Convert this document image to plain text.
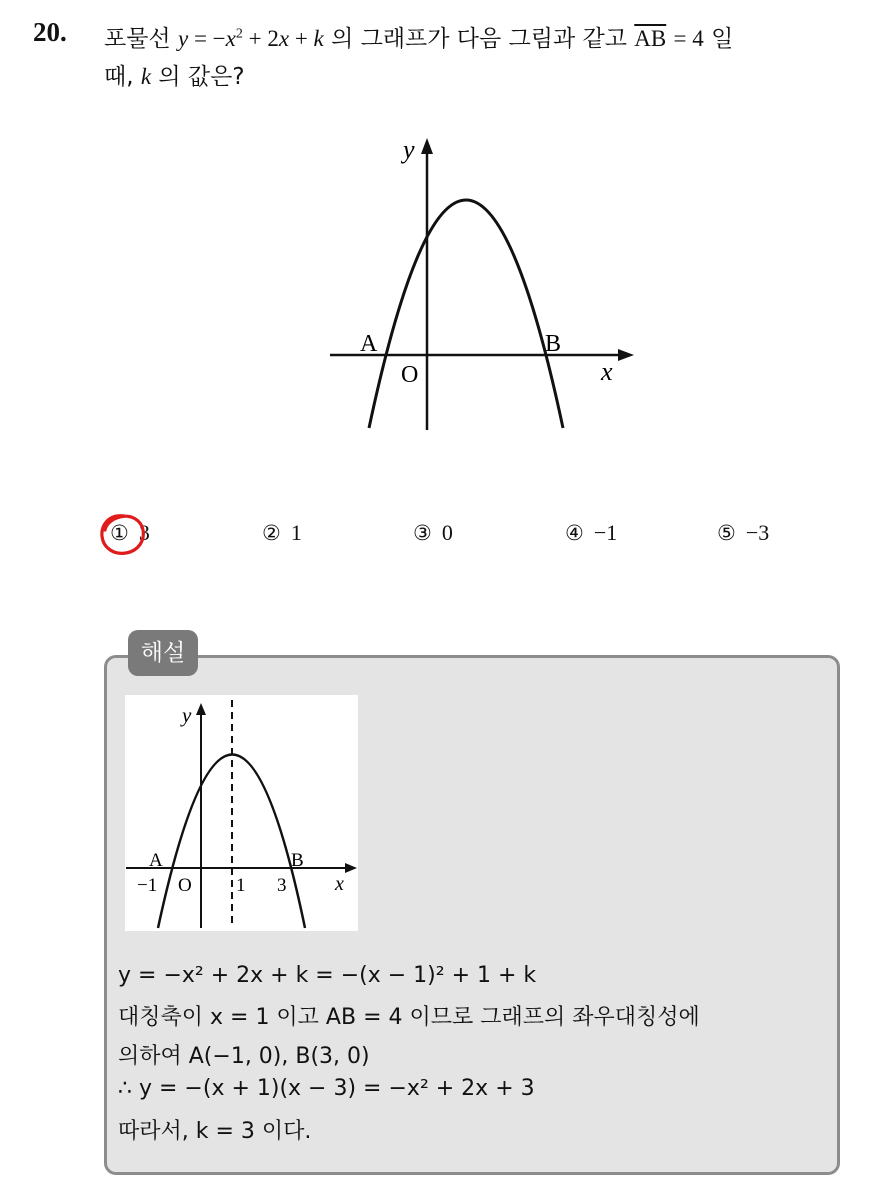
20. 포물선 $y = -x^2 + 2x + k$ 의 그래프가 다음 그림과 같고 $\overline{AB} = 4$ 일
때, k 의 값은?
y
x
O
A	B
① 3	② 1	③ 0	④ −1	⑤ −3
해설
y
x
O
A	B
−1	1 3
y = −x² + 2x + k = −(x − 1)² + 1 + k
대칭축이 x = 1 이고 AB = 4 이므로 그래프의 좌우대칭성에
의하여 A(−1, 0), B(3, 0)
∴ y = −(x + 1)(x − 3) = −x² + 2x + 3
따라서, k = 3 이다.
